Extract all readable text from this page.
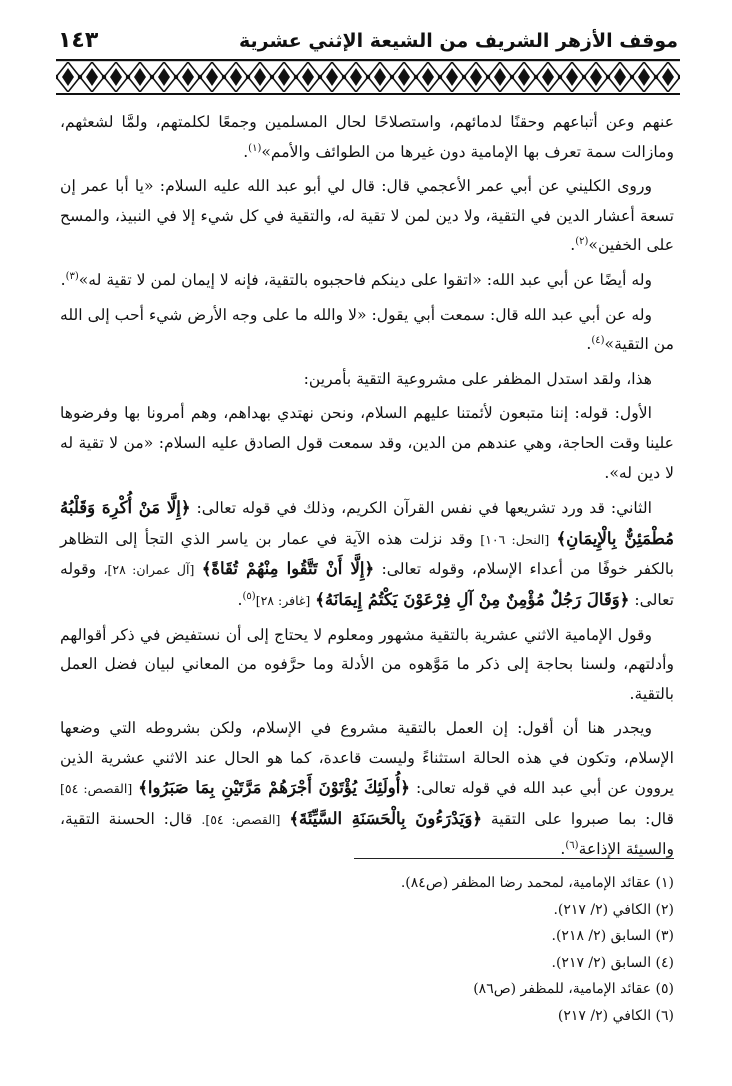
موقف الأزهر الشريف من الشيعة الإثني عشرية
١٤٣

عنهم وعن أتباعهم وحقنًا لدمائهم، واستصلاحًا لحال المسلمين وجمعًا لكلمتهم، ولمَّا لشعثهم، ومازالت سمة تعرف بها الإمامية دون غيرها من الطوائف والأمم»$^{(١)}$.

وروى الكليني عن أبي عمر الأعجمي قال: قال لي أبو عبد الله عليه السلام: «يا أبا عمر إن تسعة أعشار الدين في التقية، ولا دين لمن لا تقية له، والتقية في كل شيء إلا في النبيذ، والمسح على الخفين»$^{(٢)}$.

وله أيضًا عن أبي عبد الله: «اتقوا على دينكم فاحجبوه بالتقية، فإنه لا إيمان لمن لا تقية له»$^{(٣)}$.

وله عن أبي عبد الله قال: سمعت أبي يقول: «لا والله ما على وجه الأرض شيء أحب إلى الله من التقية»$^{(٤)}$.

هذا، ولقد استدل المظفر على مشروعية التقية بأمرين:

الأول: قوله: إننا متبعون لأئمتنا عليهم السلام، ونحن نهتدي بهداهم، وهم أمرونا بها وفرضوها علينا وقت الحاجة، وهي عندهم من الدين، وقد سمعت قول الصادق عليه السلام: «من لا تقية له لا دين له».

الثاني: قد ورد تشريعها في نفس القرآن الكريم، وذلك في قوله تعالى: ﴿إِلَّا مَنْ أُكْرِهَ وَقَلْبُهُ مُطْمَئِنٌّ بِالْإِيمَانِ﴾ [النحل: ١٠٦] وقد نزلت هذه الآية في عمار بن ياسر الذي التجأ إلى التظاهر بالكفر خوفًا من أعداء الإسلام، وقوله تعالى: ﴿إِلَّا أَنْ تَتَّقُوا مِنْهُمْ تُقَاةً﴾ [آل عمران: ٢٨]، وقوله تعالى: ﴿وَقَالَ رَجُلٌ مُؤْمِنٌ مِنْ آلِ فِرْعَوْنَ يَكْتُمُ إِيمَانَهُ﴾ [غافر: ٢٨]$^{(٥)}$.

وقول الإمامية الاثني عشرية بالتقية مشهور ومعلوم لا يحتاج إلى أن نستفيض في ذكر أقوالهم وأدلتهم، ولسنا بحاجة إلى ذكر ما مَوَّهوه من الأدلة وما حرَّفوه من المعاني لبيان فضل العمل بالتقية.

ويجدر هنا أن أقول: إن العمل بالتقية مشروع في الإسلام، ولكن بشروطه التي وضعها الإسلام، وتكون في هذه الحالة استثناءً وليست قاعدة، كما هو الحال عند الاثني عشرية الذين يروون عن أبي عبد الله في قوله تعالى: ﴿أُولَئِكَ يُؤْتَوْنَ أَجْرَهُمْ مَرَّتَيْنِ بِمَا صَبَرُوا﴾ [القصص: ٥٤] قال: بما صبروا على التقية ﴿وَيَدْرَءُونَ بِالْحَسَنَةِ السَّيِّئَةَ﴾ [القصص: ٥٤]. قال: الحسنة التقية، والسيئة الإذاعة$^{(٦)}$.

(١) عقائد الإمامية، لمحمد رضا المظفر (ص٨٤).
(٢) الكافي (٢/ ٢١٧).
(٣) السابق (٢/ ٢١٨).
(٤) السابق (٢/ ٢١٧).
(٥) عقائد الإمامية، للمظفر (ص٨٦)
(٦) الكافي (٢/ ٢١٧)
